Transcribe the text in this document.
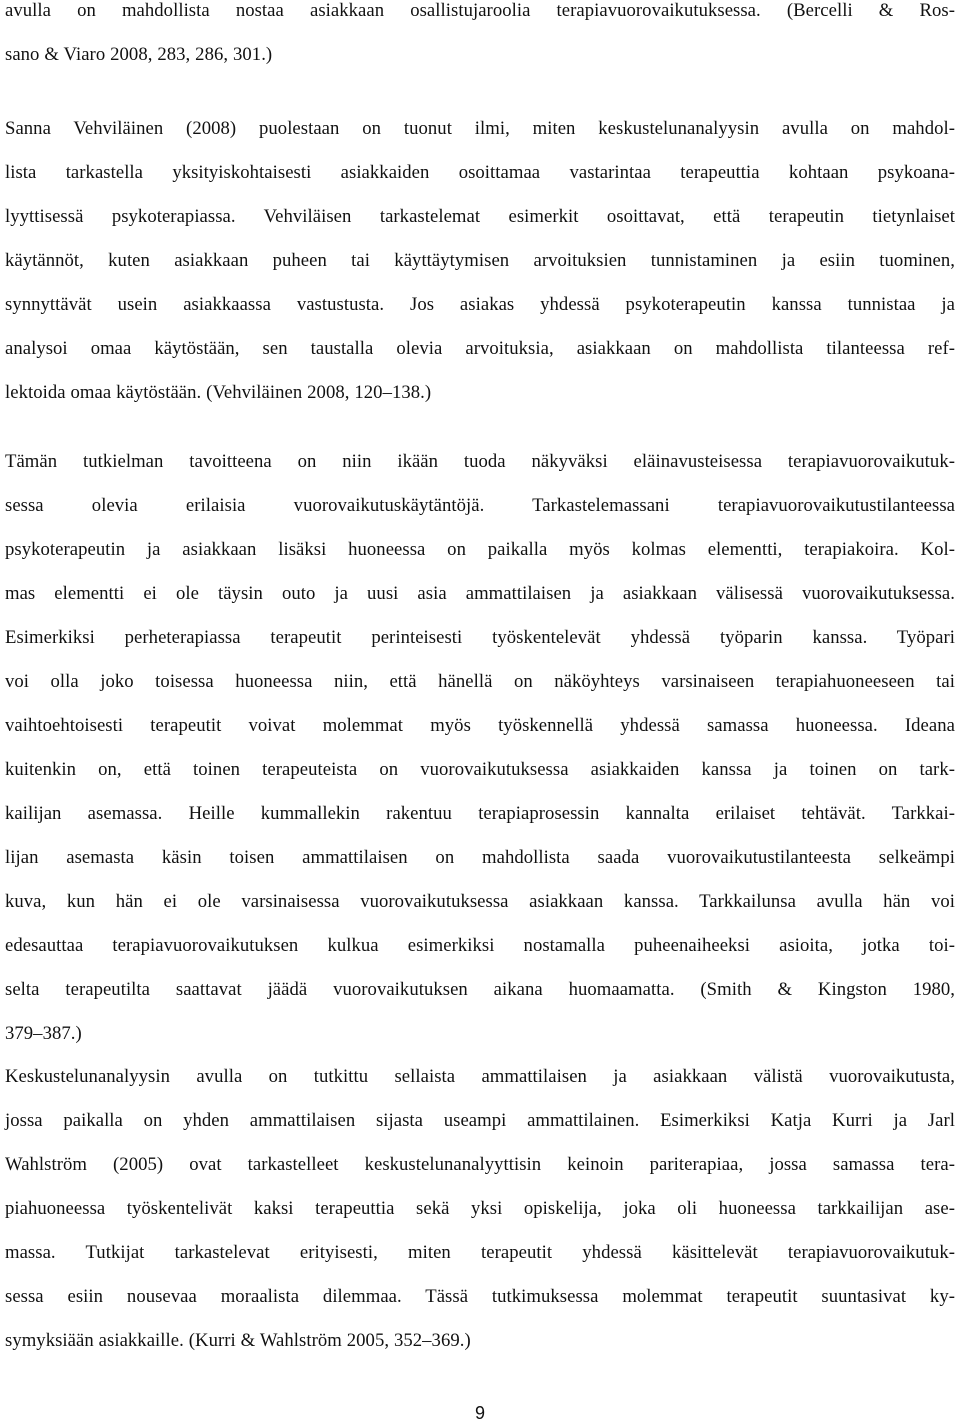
avulla on mahdollista nostaa asiakkaan osallistujaroolia terapiavuorovaikutuksessa. (Bercelli & Ros-
sano & Viaro 2008, 283, 286, 301.)

Sanna Vehviläinen (2008) puolestaan on tuonut ilmi, miten keskustelunanalyysin avulla on mahdol-
lista tarkastella yksityiskohtaisesti asiakkaiden osoittamaa vastarintaa terapeuttia kohtaan psykoana-
lyyttisessä psykoterapiassa. Vehviläisen tarkastelemat esimerkit osoittavat, että terapeutin tietynlaiset
käytännöt, kuten asiakkaan puheen tai käyttäytymisen arvoituksien tunnistaminen ja esiin tuominen,
synnyttävät usein asiakkaassa vastustusta. Jos asiakas yhdessä psykoterapeutin kanssa tunnistaa ja
analysoi omaa käytöstään, sen taustalla olevia arvoituksia, asiakkaan on mahdollista tilanteessa ref-
lektoida omaa käytöstään. (Vehviläinen 2008, 120–138.)

Tämän tutkielman tavoitteena on niin ikään tuoda näkyväksi eläinavusteisessa terapiavuorovaikutuk-
sessa olevia erilaisia vuorovaikutuskäytäntöjä. Tarkastelemassani terapiavuorovaikutustilanteessa
psykoterapeutin ja asiakkaan lisäksi huoneessa on paikalla myös kolmas elementti, terapiakoira. Kol-
mas elementti ei ole täysin outo ja uusi asia ammattilaisen ja asiakkaan välisessä vuorovaikutuksessa.
Esimerkiksi perheterapiassa terapeutit perinteisesti työskentelevät yhdessä työparin kanssa. Työpari
voi olla joko toisessa huoneessa niin, että hänellä on näköyhteys varsinaiseen terapiahuoneeseen tai
vaihtoehtoisesti terapeutit voivat molemmat myös työskennellä yhdessä samassa huoneessa. Ideana
kuitenkin on, että toinen terapeuteista on vuorovaikutuksessa asiakkaiden kanssa ja toinen on tark-
kailijan asemassa. Heille kummallekin rakentuu terapiaprosessin kannalta erilaiset tehtävät. Tarkkai-
lijan asemasta käsin toisen ammattilaisen on mahdollista saada vuorovaikutustilanteesta selkeämpi
kuva, kun hän ei ole varsinaisessa vuorovaikutuksessa asiakkaan kanssa. Tarkkailunsa avulla hän voi
edesauttaa terapiavuorovaikutuksen kulkua esimerkiksi nostamalla puheenaiheeksi asioita, jotka toi-
selta terapeutilta saattavat jäädä vuorovaikutuksen aikana huomaamatta. (Smith & Kingston 1980,
379–387.)

Keskustelunanalyysin avulla on tutkittu sellaista ammattilaisen ja asiakkaan välistä vuorovaikutusta,
jossa paikalla on yhden ammattilaisen sijasta useampi ammattilainen. Esimerkiksi Katja Kurri ja Jarl
Wahlström (2005) ovat tarkastelleet keskustelunanalyyttisin keinoin pariterapiaa, jossa samassa tera-
piahuoneessa työskentelivät kaksi terapeuttia sekä yksi opiskelija, joka oli huoneessa tarkkailijan ase-
massa. Tutkijat tarkastelevat erityisesti, miten terapeutit yhdessä käsittelevät terapiavuorovaikutuk-
sessa esiin nousevaa moraalista dilemmaa. Tässä tutkimuksessa molemmat terapeutit suuntasivat ky-
symyksiään asiakkaille. (Kurri & Wahlström 2005, 352–369.)

9
